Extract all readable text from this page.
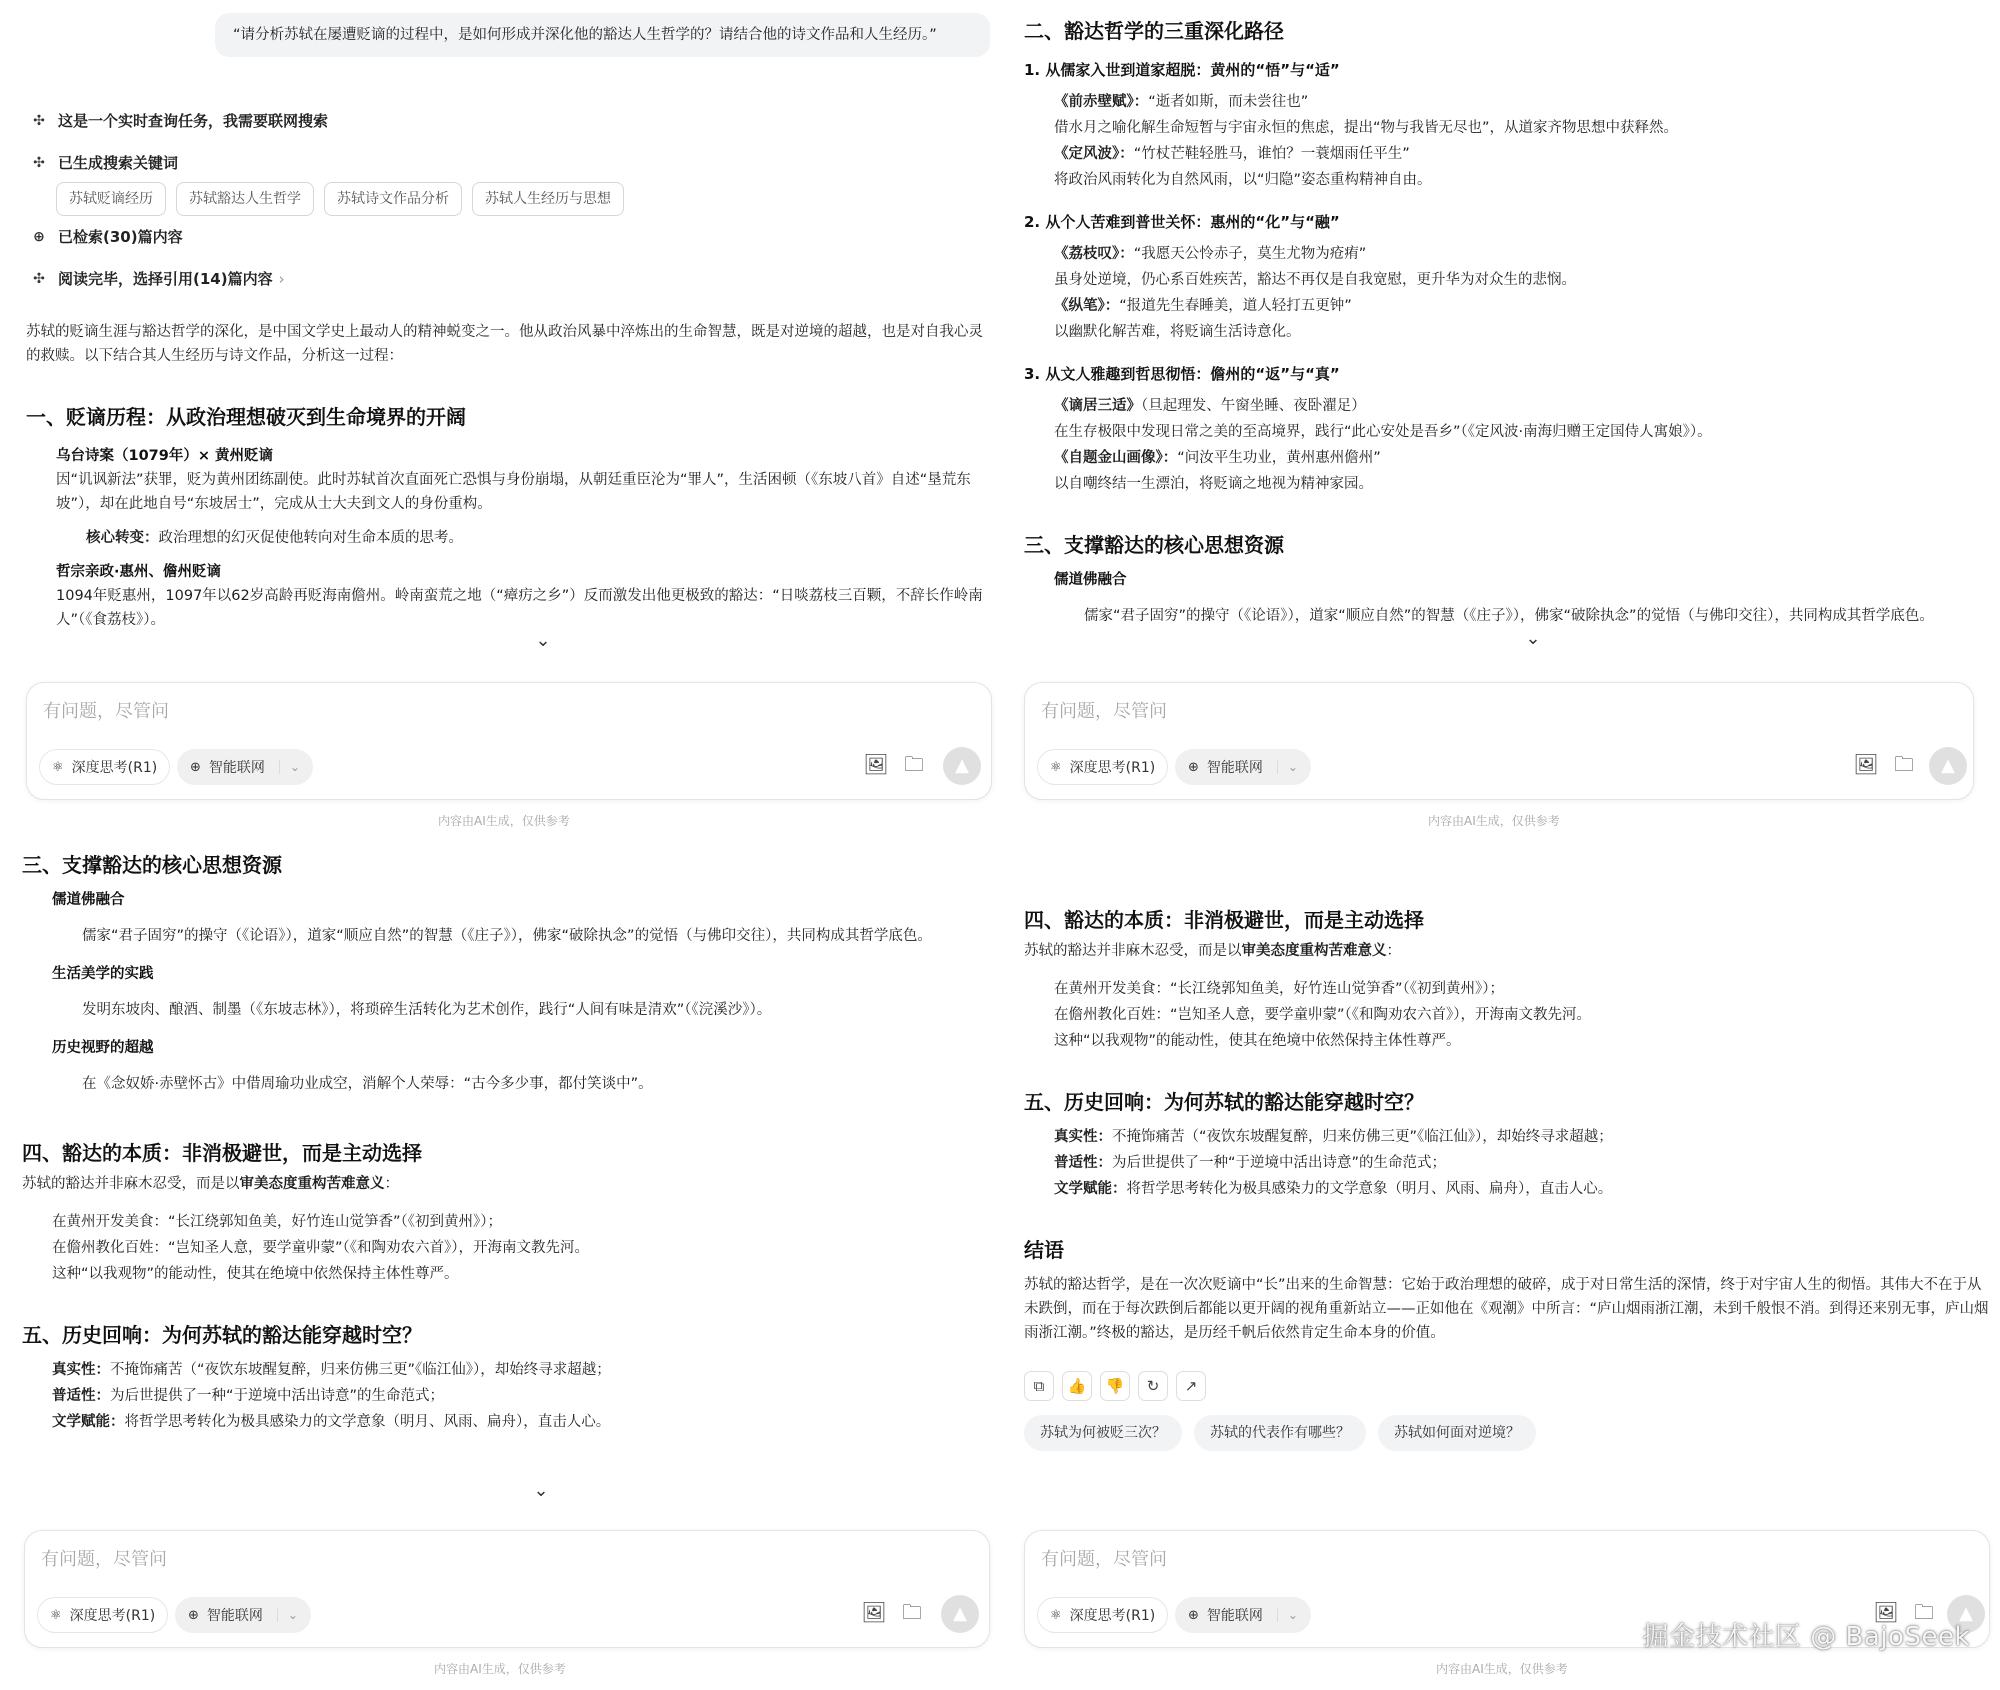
“请分析苏轼在屡遭贬谪的过程中，是如何形成并深化他的豁达人生哲学的？请结合他的诗文作品和人生经历。”
✣ 这是一个实时查询任务，我需要联网搜索
✣ 已生成搜索关键词
苏轼贬谪经历	苏轼豁达人生哲学	苏轼诗文作品分析	苏轼人生经历与思想
⊕ 已检索(30)篇内容
✣ 阅读完毕，选择引用(14)篇内容 ›
苏轼的贬谪生涯与豁达哲学的深化，是中国文学史上最动人的精神蜕变之一。他从政治风暴中淬炼出的生命智慧，既是对逆境的超越，也是对自我心灵的救赎。以下结合其人生经历与诗文作品，分析这一过程：
一、贬谪历程：从政治理想破灭到生命境界的开阔
乌台诗案（1079年）× 黄州贬谪
因“讥讽新法”获罪，贬为黄州团练副使。此时苏轼首次直面死亡恐惧与身份崩塌，从朝廷重臣沦为“罪人”，生活困顿（《东坡八首》自述“垦荒东坡”），却在此地自号“东坡居士”，完成从士大夫到文人的身份重构。
核心转变：政治理想的幻灭促使他转向对生命本质的思考。
哲宗亲政·惠州、儋州贬谪
1094年贬惠州，1097年以62岁高龄再贬海南儋州。岭南蛮荒之地（“瘴疠之乡”）反而激发出他更极致的豁达：“日啖荔枝三百颗，不辞长作岭南人”（《食荔枝》）。
⌄
有问题，尽管问
⚛ 深度思考(R1)	⊕ 智能联网	⌄	🖼 🗀	▲
内容由AI生成，仅供参考
二、豁达哲学的三重深化路径
1. 从儒家入世到道家超脱：黄州的“悟”与“适”
《前赤壁赋》：“逝者如斯，而未尝往也”
借水月之喻化解生命短暂与宇宙永恒的焦虑，提出“物与我皆无尽也”，从道家齐物思想中获释然。
《定风波》：“竹杖芒鞋轻胜马，谁怕？一蓑烟雨任平生”
将政治风雨转化为自然风雨，以“归隐”姿态重构精神自由。
2. 从个人苦难到普世关怀：惠州的“化”与“融”
《荔枝叹》：“我愿天公怜赤子，莫生尤物为疮痏”
虽身处逆境，仍心系百姓疾苦，豁达不再仅是自我宽慰，更升华为对众生的悲悯。
《纵笔》：“报道先生春睡美，道人轻打五更钟”
以幽默化解苦难，将贬谪生活诗意化。
3. 从文人雅趣到哲思彻悟：儋州的“返”与“真”
《谪居三适》（旦起理发、午窗坐睡、夜卧濯足）
在生存极限中发现日常之美的至高境界，践行“此心安处是吾乡”（《定风波·南海归赠王定国侍人寓娘》）。
《自题金山画像》：“问汝平生功业，黄州惠州儋州”
以自嘲终结一生漂泊，将贬谪之地视为精神家园。
三、支撑豁达的核心思想资源
儒道佛融合
儒家“君子固穷”的操守（《论语》），道家“顺应自然”的智慧（《庄子》），佛家“破除执念”的觉悟（与佛印交往），共同构成其哲学底色。
⌄
有问题，尽管问
⚛ 深度思考(R1)	⊕ 智能联网	⌄	🖼 🗀	▲
内容由AI生成，仅供参考
三、支撑豁达的核心思想资源
儒道佛融合
儒家“君子固穷”的操守（《论语》），道家“顺应自然”的智慧（《庄子》），佛家“破除执念”的觉悟（与佛印交往），共同构成其哲学底色。
生活美学的实践
发明东坡肉、酿酒、制墨（《东坡志林》），将琐碎生活转化为艺术创作，践行“人间有味是清欢”（《浣溪沙》）。
历史视野的超越
在《念奴娇·赤壁怀古》中借周瑜功业成空，消解个人荣辱：“古今多少事，都付笑谈中”。
四、豁达的本质：非消极避世，而是主动选择
苏轼的豁达并非麻木忍受，而是以审美态度重构苦难意义：
在黄州开发美食：“长江绕郭知鱼美，好竹连山觉笋香”（《初到黄州》）；
在儋州教化百姓：“岂知圣人意，要学童丱蒙”（《和陶劝农六首》），开海南文教先河。
这种“以我观物”的能动性，使其在绝境中依然保持主体性尊严。
五、历史回响：为何苏轼的豁达能穿越时空？
真实性：不掩饰痛苦（“夜饮东坡醒复醉，归来仿佛三更”《临江仙》），却始终寻求超越；
普适性：为后世提供了一种“于逆境中活出诗意”的生命范式；
文学赋能：将哲学思考转化为极具感染力的文学意象（明月、风雨、扁舟），直击人心。
⌄
有问题，尽管问
⚛ 深度思考(R1)	⊕ 智能联网	⌄	🖼 🗀	▲
内容由AI生成，仅供参考
四、豁达的本质：非消极避世，而是主动选择
苏轼的豁达并非麻木忍受，而是以审美态度重构苦难意义：
在黄州开发美食：“长江绕郭知鱼美，好竹连山觉笋香”（《初到黄州》）；
在儋州教化百姓：“岂知圣人意，要学童丱蒙”（《和陶劝农六首》），开海南文教先河。
这种“以我观物”的能动性，使其在绝境中依然保持主体性尊严。
五、历史回响：为何苏轼的豁达能穿越时空？
真实性：不掩饰痛苦（“夜饮东坡醒复醉，归来仿佛三更”《临江仙》），却始终寻求超越；
普适性：为后世提供了一种“于逆境中活出诗意”的生命范式；
文学赋能：将哲学思考转化为极具感染力的文学意象（明月、风雨、扁舟），直击人心。
结语
苏轼的豁达哲学，是在一次次贬谪中“长”出来的生命智慧：它始于政治理想的破碎，成于对日常生活的深情，终于对宇宙人生的彻悟。其伟大不在于从未跌倒，而在于每次跌倒后都能以更开阔的视角重新站立——正如他在《观潮》中所言：“庐山烟雨浙江潮，未到千般恨不消。到得还来别无事，庐山烟雨浙江潮。”终极的豁达，是历经千帆后依然肯定生命本身的价值。
⧉	👍	👎	↻	↗
苏轼为何被贬三次？	苏轼的代表作有哪些？	苏轼如何面对逆境？
有问题，尽管问
⚛ 深度思考(R1)	⊕ 智能联网	⌄	🖼 🗀	▲
内容由AI生成，仅供参考
掘金技术社区 @ BajoSeek
